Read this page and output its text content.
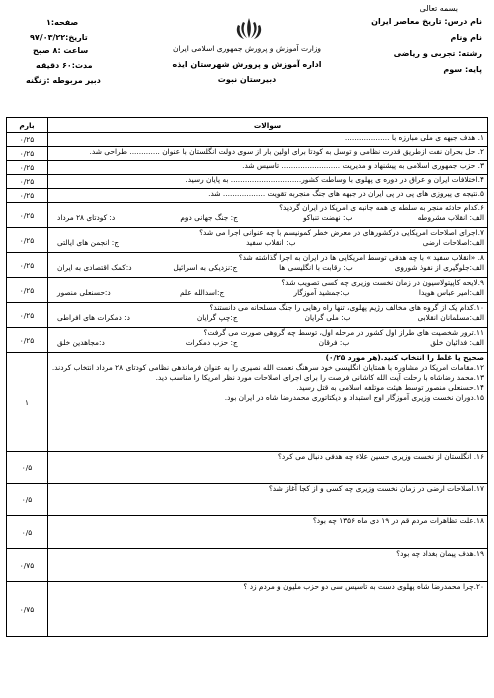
بسمه تعالی
نام درس: تاریخ معاصر ایران
نام ونام
رشته: تجربی و ریاضی
پایه: سوم
وزارت آموزش و پرورش جمهوری اسلامی ایران
اداره آموزش و پرورش شهرستان ایذه
دبیرستان نبوت
صفحه:۱
تاریخ:۹۷/۰۳/۲۲
ساعت :۸ صبح
مدت:۶۰ دقیقه
دبیر مربوطه :زنگنه
سوالات	بارم

۱. هدف جبهه ی ملی مبارزه با ...................	۰/۲۵

۲. حل بحران نفت ازطریق قدرت نظامی و توسل به کودتا برای اولین بار از سوی دولت انگلستان با عنوان ............. طراحی شد.	۰/۲۵

۳. حزب جمهوری اسلامی به پیشنهاد و مدیریت ......................... تاسیس شد.	۰/۲۵

۴.اختلافات ایران و عراق در دوره ی پهلوی با وساطت کشور.............................. به پایان رسید.	۰/۲۵

۵.نتیجه ی پیروزی های پی در پی ایران در جبهه های جنگ منجربه تقویت .................. شد.	۰/۲۵

۶.کدام حادثه منجر به سلطه ی همه جانبه ی امریکا در ایران گردید؟
الف: انقلاب مشروطه
ب: نهضت تنباکو
ج: جنگ جهانی دوم
د: کودتای ۲۸ مرداد	۰/۲۵

۷.اجرای اصلاحات امریکایی درکشورهای در معرض خطر کمونیسم با چه عنوانی اجرا می شد؟
الف:اصلاحات ارضی
ب: انقلاب سفید
ج: انجمن های ایالتی	۰/۲۵

۸. «انقلاب سفید » با چه هدفی توسط امریکایی ها در ایران به اجرا گذاشته شد؟
الف:جلوگیری از نفوذ شوروی
ب: رقابت با انگلیسی ها
ج:نزدیکی به اسرائیل
د:کمک اقتصادی به ایران	۰/۲۵

۹.لایحه کاپیتولاسیون در زمان نخست وزیری چه کسی تصویب شد؟
الف:امیر عباس هویدا
ب:جمشید آموزگار
ج:اسدالله علم
د:حسنعلی منصور	۰/۲۵

۱۰.کدام یک از گروه های مخالف رژیم پهلوی، تنها راه رهایی را جنگ مسلحانه می دانستند؟
الف:مسلمانان انقلابی
ب: ملی گرایان
ج:چپ گرایان
د: دمکرات های افراطی	۰/۲۵

۱۱.ترور شخصیت های طراز اول کشور در مرحله اول، توسط چه گروهی صورت می گرفت؟
الف: فدائیان خلق
ب: فرقان
ج: حزب دمکرات
د:مجاهدین خلق	۰/۲۵

صحیح یا غلط را انتخاب کنید.(هر مورد ۰/۲۵)
۱۲.مقامات امریکا در مشاوره با همتایان انگلیسی خود سرهنگ نعمت الله نصیری را به عنوان فرماندهی نظامی کودتای ۲۸ مرداد انتخاب کردند.
۱۳.محمد رضاشاه با رحلت آیت الله کاشانی فرصت را برای اجرای اصلاحات مورد نظر امریکا را مناسب دید.
۱۴.حسنعلی منصور توسط هیئت موتلفه اسلامی به قتل رسید.
۱۵.دوران نخست وزیری آموزگار اوج استبداد و دیکتاتوری محمدرضا شاه در ایران بود.	۱

۱۶. انگلستان از نخست وزیری حسین علاء چه هدفی دنبال می کرد؟	۰/۵

۱۷.اصلاحات ارضی در زمان نخست وزیری چه کسی و از کجا آغاز شد؟	۰/۵

۱۸.علت تظاهرات مردم قم در ۱۹ دی ماه ۱۳۵۶ چه بود؟	۰/۵

۱۹.هدف پیمان بغداد چه بود؟	۰/۷۵

۲۰.چرا محمدرضا شاه پهلوی دست به تاسیس سی دو حزب ملیون و مردم زد ؟	۰/۷۵
